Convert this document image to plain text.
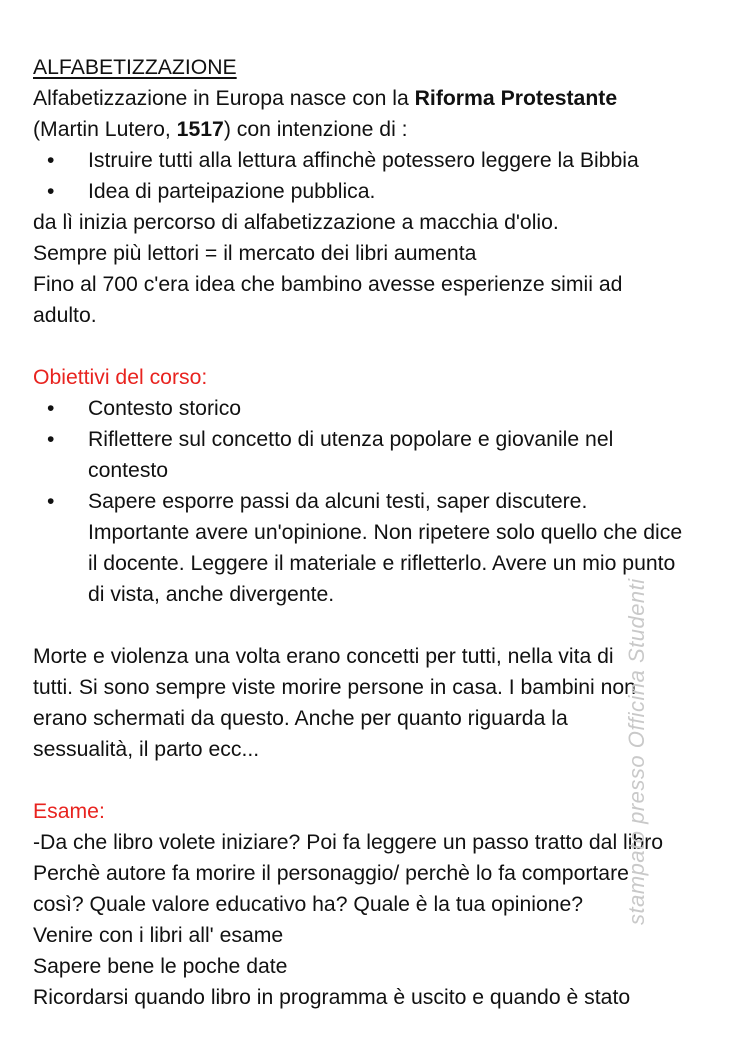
ALFABETIZZAZIONE
Alfabetizzazione in Europa nasce con la Riforma Protestante
(Martin Lutero, 1517) con intenzione di :
• Istruire tutti alla lettura affinchè potessero leggere la Bibbia
• Idea di parteipazione pubblica.
da lì inizia percorso di alfabetizzazione a macchia d'olio.
Sempre più lettori = il mercato dei libri aumenta
Fino al 700 c'era idea che bambino avesse esperienze simii ad
adulto.
Obiettivi del corso:
• Contesto storico
• Riflettere sul concetto di utenza popolare e giovanile nel contesto
• Sapere esporre passi da alcuni testi, saper discutere. Importante avere un'opinione. Non ripetere solo quello che dice il docente. Leggere il materiale e rifletterlo. Avere un mio punto di vista, anche divergente.
Morte e violenza una volta erano concetti per tutti, nella vita di
tutti. Si sono sempre viste morire persone in casa. I bambini non
erano schermati da questo. Anche per quanto riguarda la
sessualità, il parto ecc...
Esame:
-Da che libro volete iniziare? Poi fa leggere un passo tratto dal libro
Perchè autore fa morire il personaggio/ perchè lo fa comportare
così? Quale valore educativo ha? Quale è la tua opinione?
Venire con i libri all' esame
Sapere bene le poche date
Ricordarsi quando libro in programma è uscito e quando è stato
stampato presso Officina Studenti
